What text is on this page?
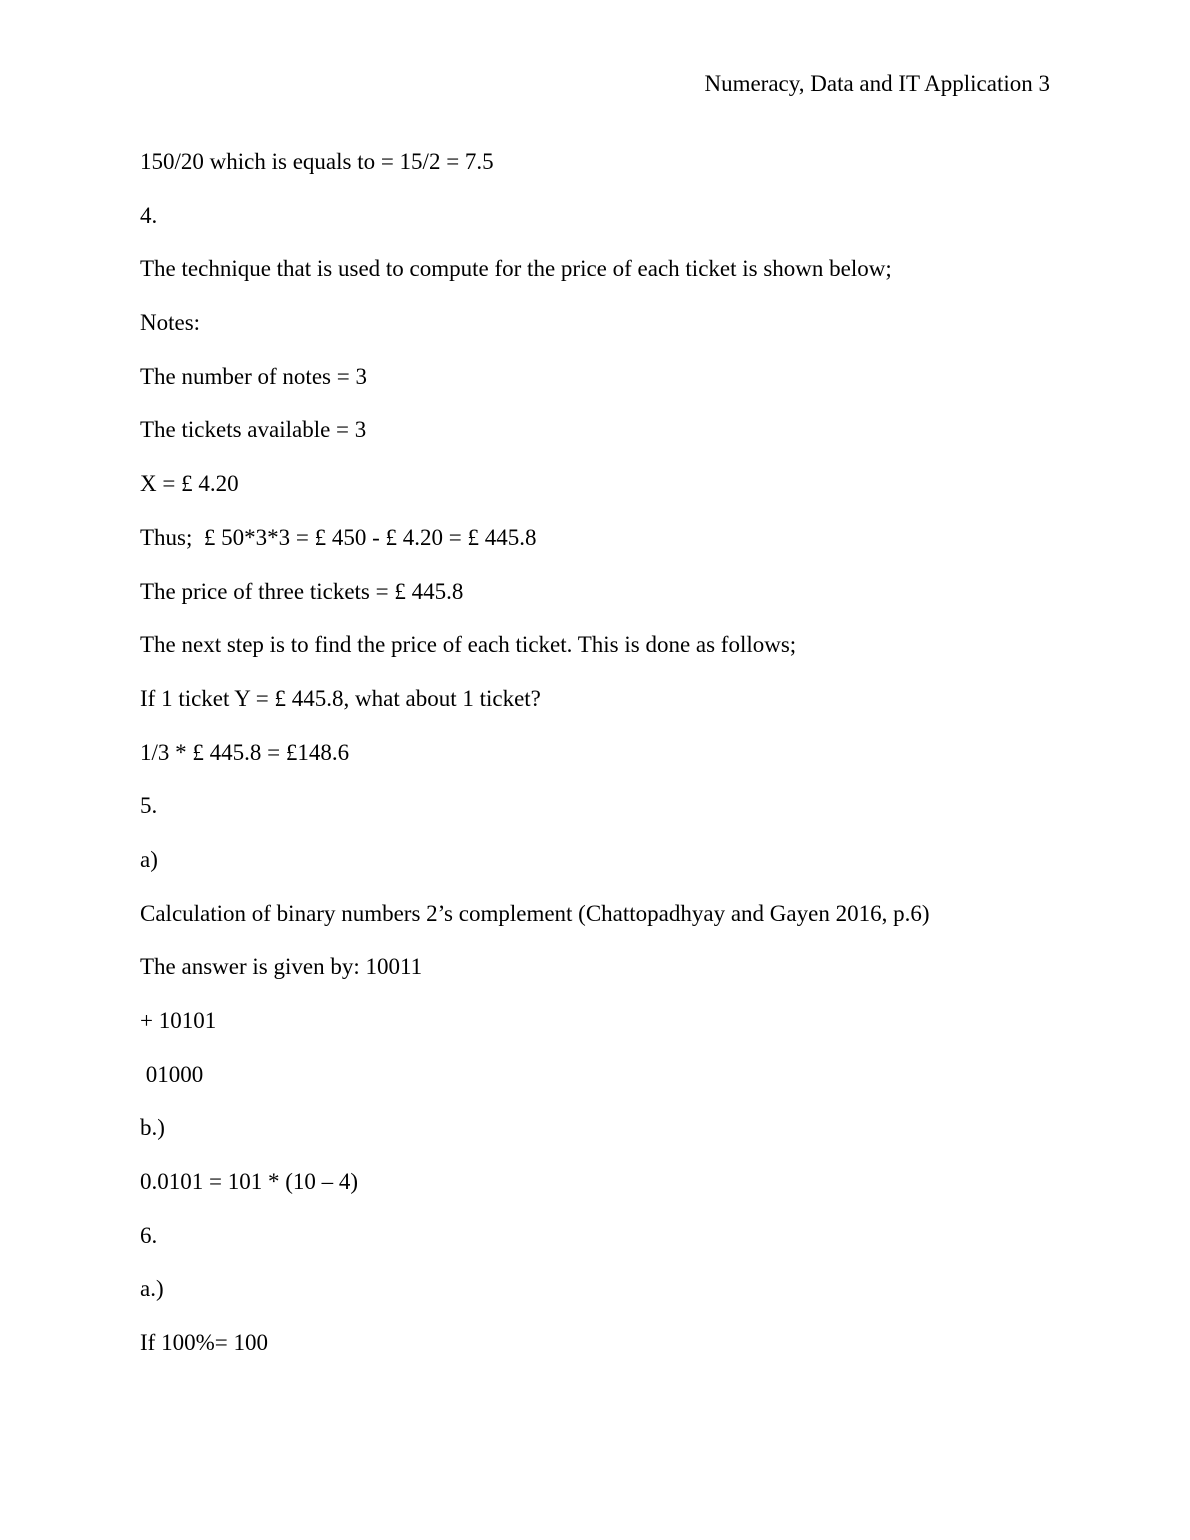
Numeracy, Data and IT Application 3
150/20 which is equals to = 15/2 = 7.5
4.
The technique that is used to compute for the price of each ticket is shown below;
Notes:
The number of notes = 3
The tickets available = 3
X = £ 4.20
Thus;  £ 50*3*3 = £ 450 - £ 4.20 = £ 445.8
The price of three tickets = £ 445.8
The next step is to find the price of each ticket. This is done as follows;
If 1 ticket Y = £ 445.8, what about 1 ticket?
1/3 * £ 445.8 = £148.6
5.
a)
Calculation of binary numbers 2’s complement (Chattopadhyay and Gayen 2016, p.6)
The answer is given by: 10011
+ 10101
01000
b.)
0.0101 = 101 * (10 – 4)
6.
a.)
If 100%= 100
